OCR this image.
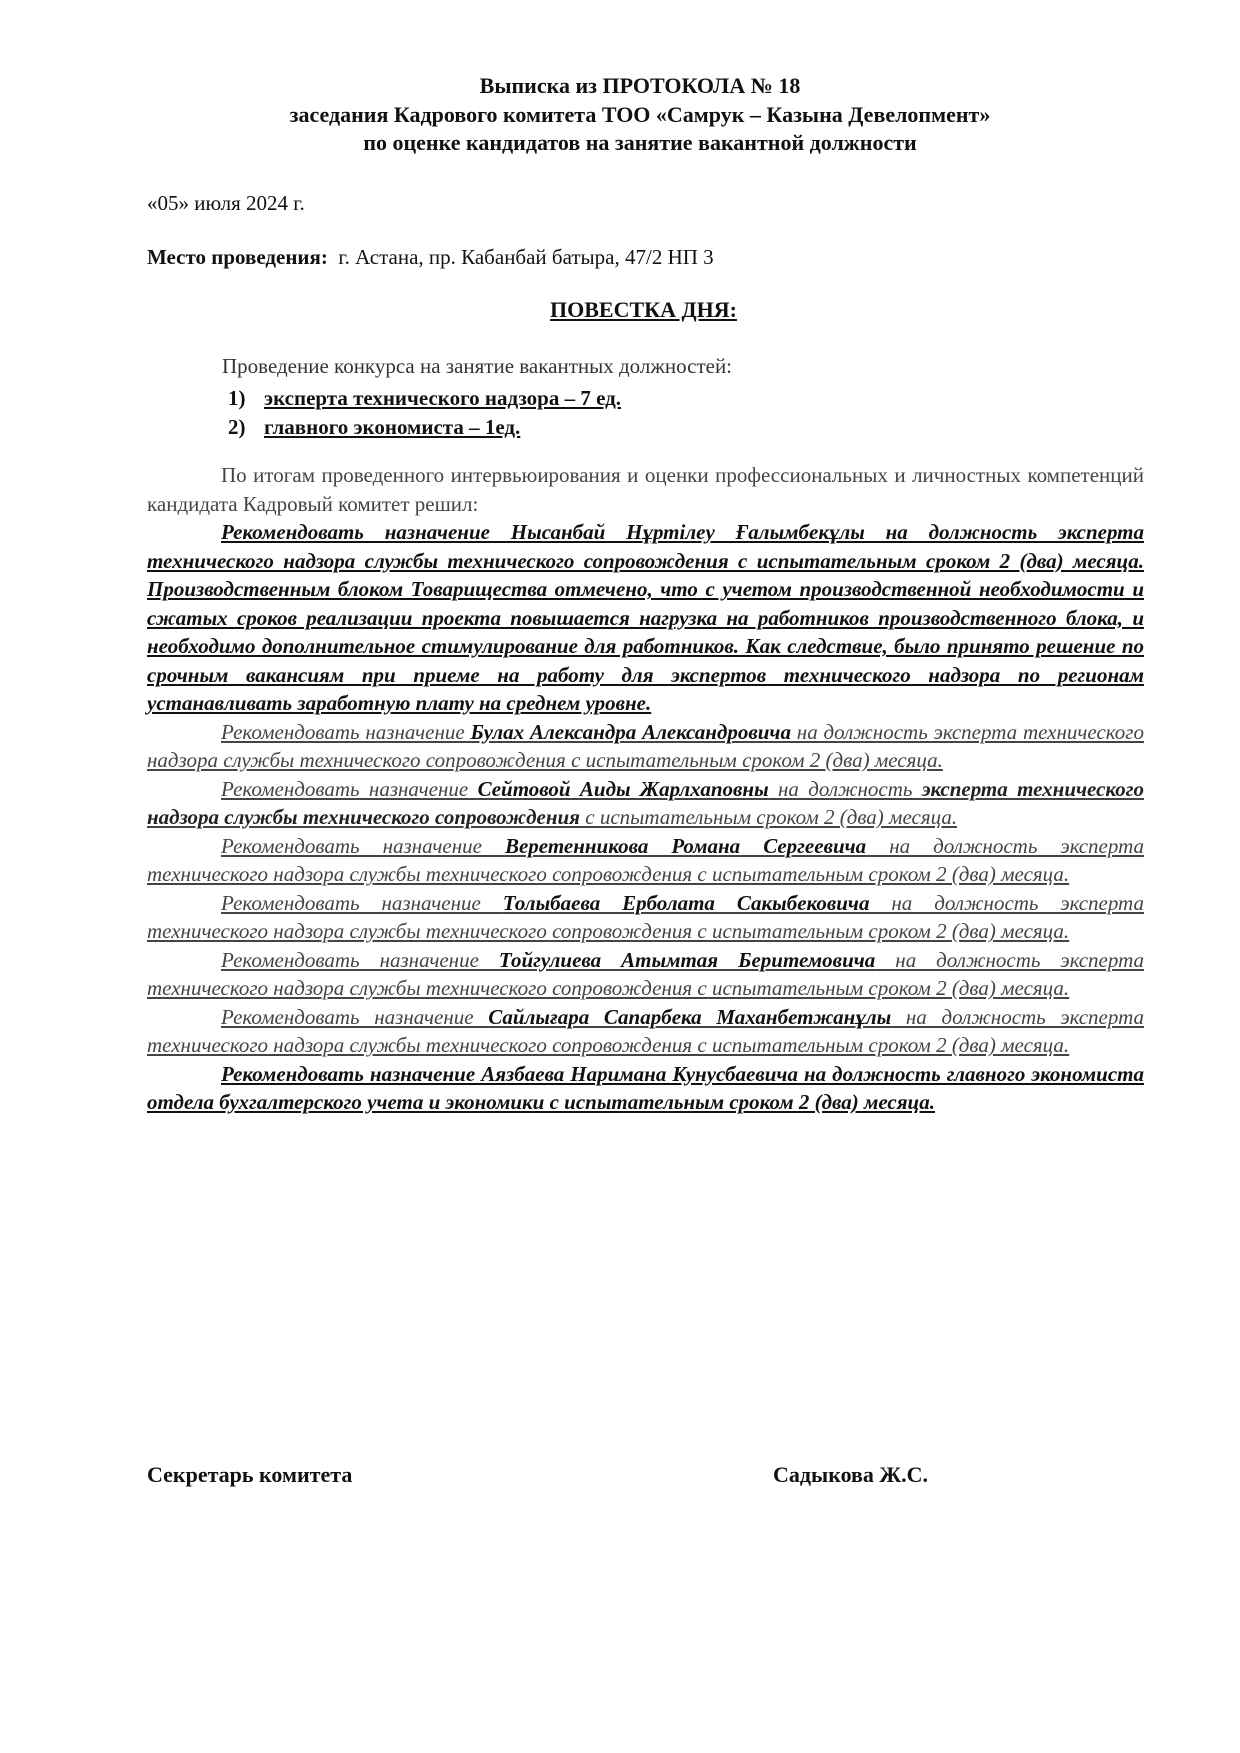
Выписка из ПРОТОКОЛА № 18
заседания Кадрового комитета ТОО «Самрук – Казына Девелопмент»
по оценке кандидатов на занятие вакантной должности
«05» июля 2024 г.
Место проведения: г. Астана, пр. Кабанбай батыра, 47/2 НП 3
ПОВЕСТКА ДНЯ:
Проведение конкурса на занятие вакантных должностей:
1) эксперта технического надзора – 7 ед.
2) главного экономиста – 1ед.

По итогам проведенного интервьюирования и оценки профессиональных и личностных компетенций кандидата Кадровый комитет решил:

Рекомендовать назначение Нысанбай Нұртілеу Ғалымбекұлы на должность эксперта технического надзора службы технического сопровождения с испытательным сроком 2 (два) месяца. Производственным блоком Товарищества отмечено, что с учетом производственной необходимости и сжатых сроков реализации проекта повышается нагрузка на работников производственного блока, и необходимо дополнительное стимулирование для работников. Как следствие, было принято решение по срочным вакансиям при приеме на работу для экспертов технического надзора по регионам устанавливать заработную плату на среднем уровне.

Рекомендовать назначение Булах Александра Александровича на должность эксперта технического надзора службы технического сопровождения с испытательным сроком 2 (два) месяца.

Рекомендовать назначение Сейтовой Аиды Жарлхаповны на должность эксперта технического надзора службы технического сопровождения с испытательным сроком 2 (два) месяца.

Рекомендовать назначение Веретенникова Романа Сергеевича на должность эксперта технического надзора службы технического сопровождения с испытательным сроком 2 (два) месяца.

Рекомендовать назначение Толыбаева Ерболата Сакыбековича на должность эксперта технического надзора службы технического сопровождения с испытательным сроком 2 (два) месяца.

Рекомендовать назначение Тойгулиева Атымтая Беритемовича на должность эксперта технического надзора службы технического сопровождения с испытательным сроком 2 (два) месяца.

Рекомендовать назначение Сайлығара Сапарбека Маханбетжанұлы на должность эксперта технического надзора службы технического сопровождения с испытательным сроком 2 (два) месяца.

Рекомендовать назначение Аязбаева Наримана Кунусбаевича на должность главного экономиста отдела бухгалтерского учета и экономики с испытательным сроком 2 (два) месяца.

Секретарь комитета	Садыкова Ж.С.
